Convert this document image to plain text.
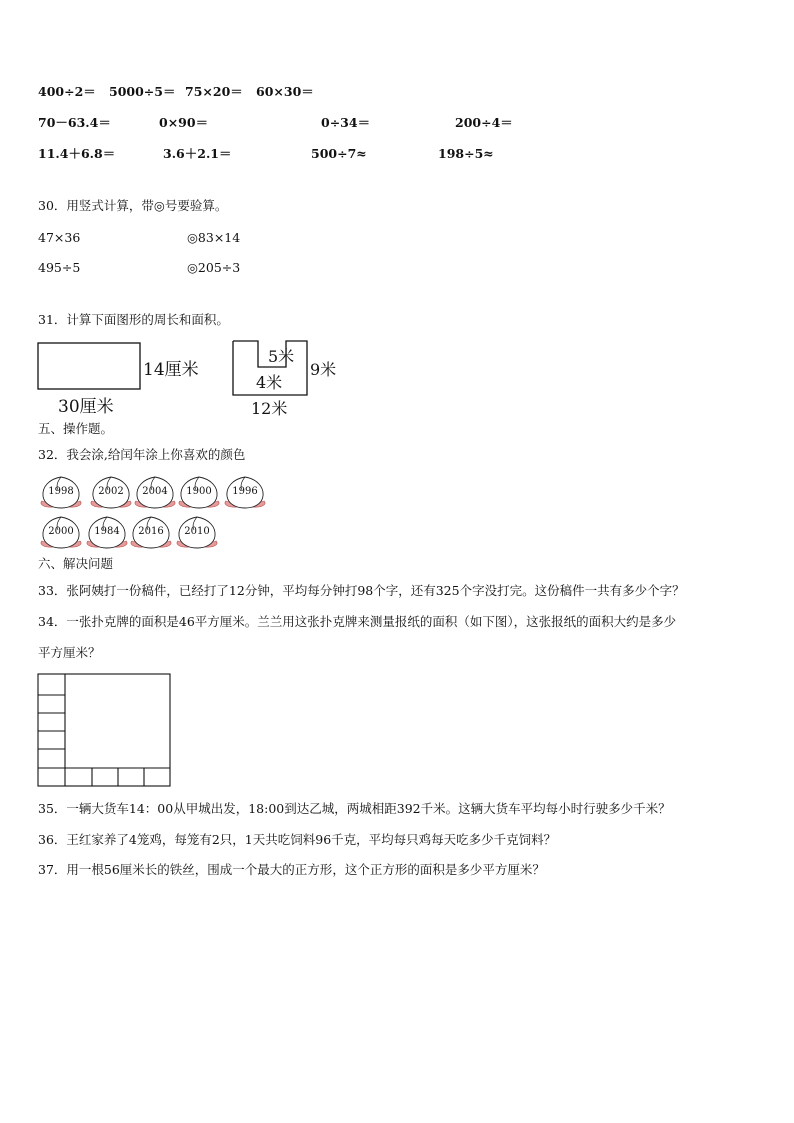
400÷2＝ 5000÷5＝ 75×20＝ 60×30＝
70－63.4＝	0×90＝	0÷34＝	200÷4＝
11.4＋6.8＝	3.6＋2.1＝	500÷7≈	198÷5≈
30．用竖式计算，带◎号要验算。
47×36	◎83×14
495÷5	◎205÷3
31．计算下面图形的周长和面积。
14厘米
30厘米
5米
4米
9米
12米
五、操作题。
32．我会涂,给闰年涂上你喜欢的颜色
六、解决问题
33．张阿姨打一份稿件，已经打了12分钟，平均每分钟打98个字，还有325个字没打完。这份稿件一共有多少个字？
34．一张扑克牌的面积是46平方厘米。兰兰用这张扑克牌来测量报纸的面积（如下图），这张报纸的面积大约是多少
平方厘米？
35．一辆大货车14：00从甲城出发，18:00到达乙城，两城相距392千米。这辆大货车平均每小时行驶多少千米？
36．王红家养了4笼鸡，每笼有2只，1天共吃饲料96千克，平均每只鸡每天吃多少千克饲料？
37．用一根56厘米长的铁丝，围成一个最大的正方形，这个正方形的面积是多少平方厘米？
1998	2002	2004	1900	1996
2000	1984	2016	2010
